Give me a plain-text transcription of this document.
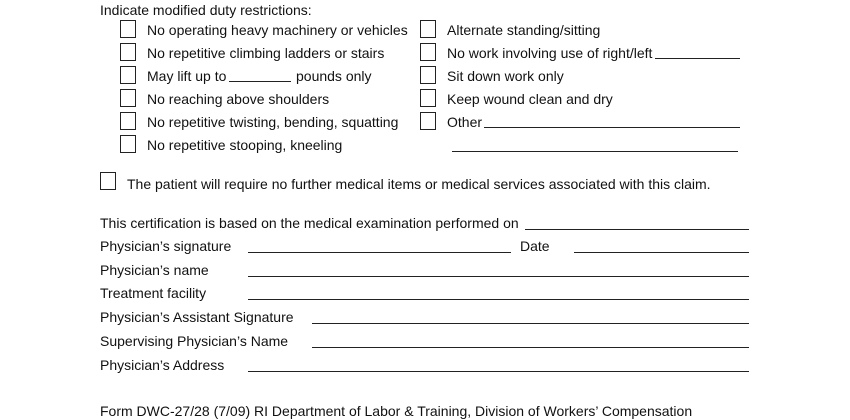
Indicate modified duty restrictions:
No operating heavy machinery or vehicles
No repetitive climbing ladders or stairs
May lift up to	pounds only
No reaching above shoulders
No repetitive twisting, bending, squatting
No repetitive stooping, kneeling
Alternate standing/sitting
No work involving use of right/left
Sit down work only
Keep wound clean and dry
Other
The patient will require no further medical items or medical services associated with this claim.
This certification is based on the medical examination performed on
Physician’s signature	Date
Physician’s name
Treatment facility
Physician’s Assistant Signature
Supervising Physician’s Name
Physician’s Address
Form DWC-27/28 (7/09) RI Department of Labor & Training, Division of Workers’ Compensation
